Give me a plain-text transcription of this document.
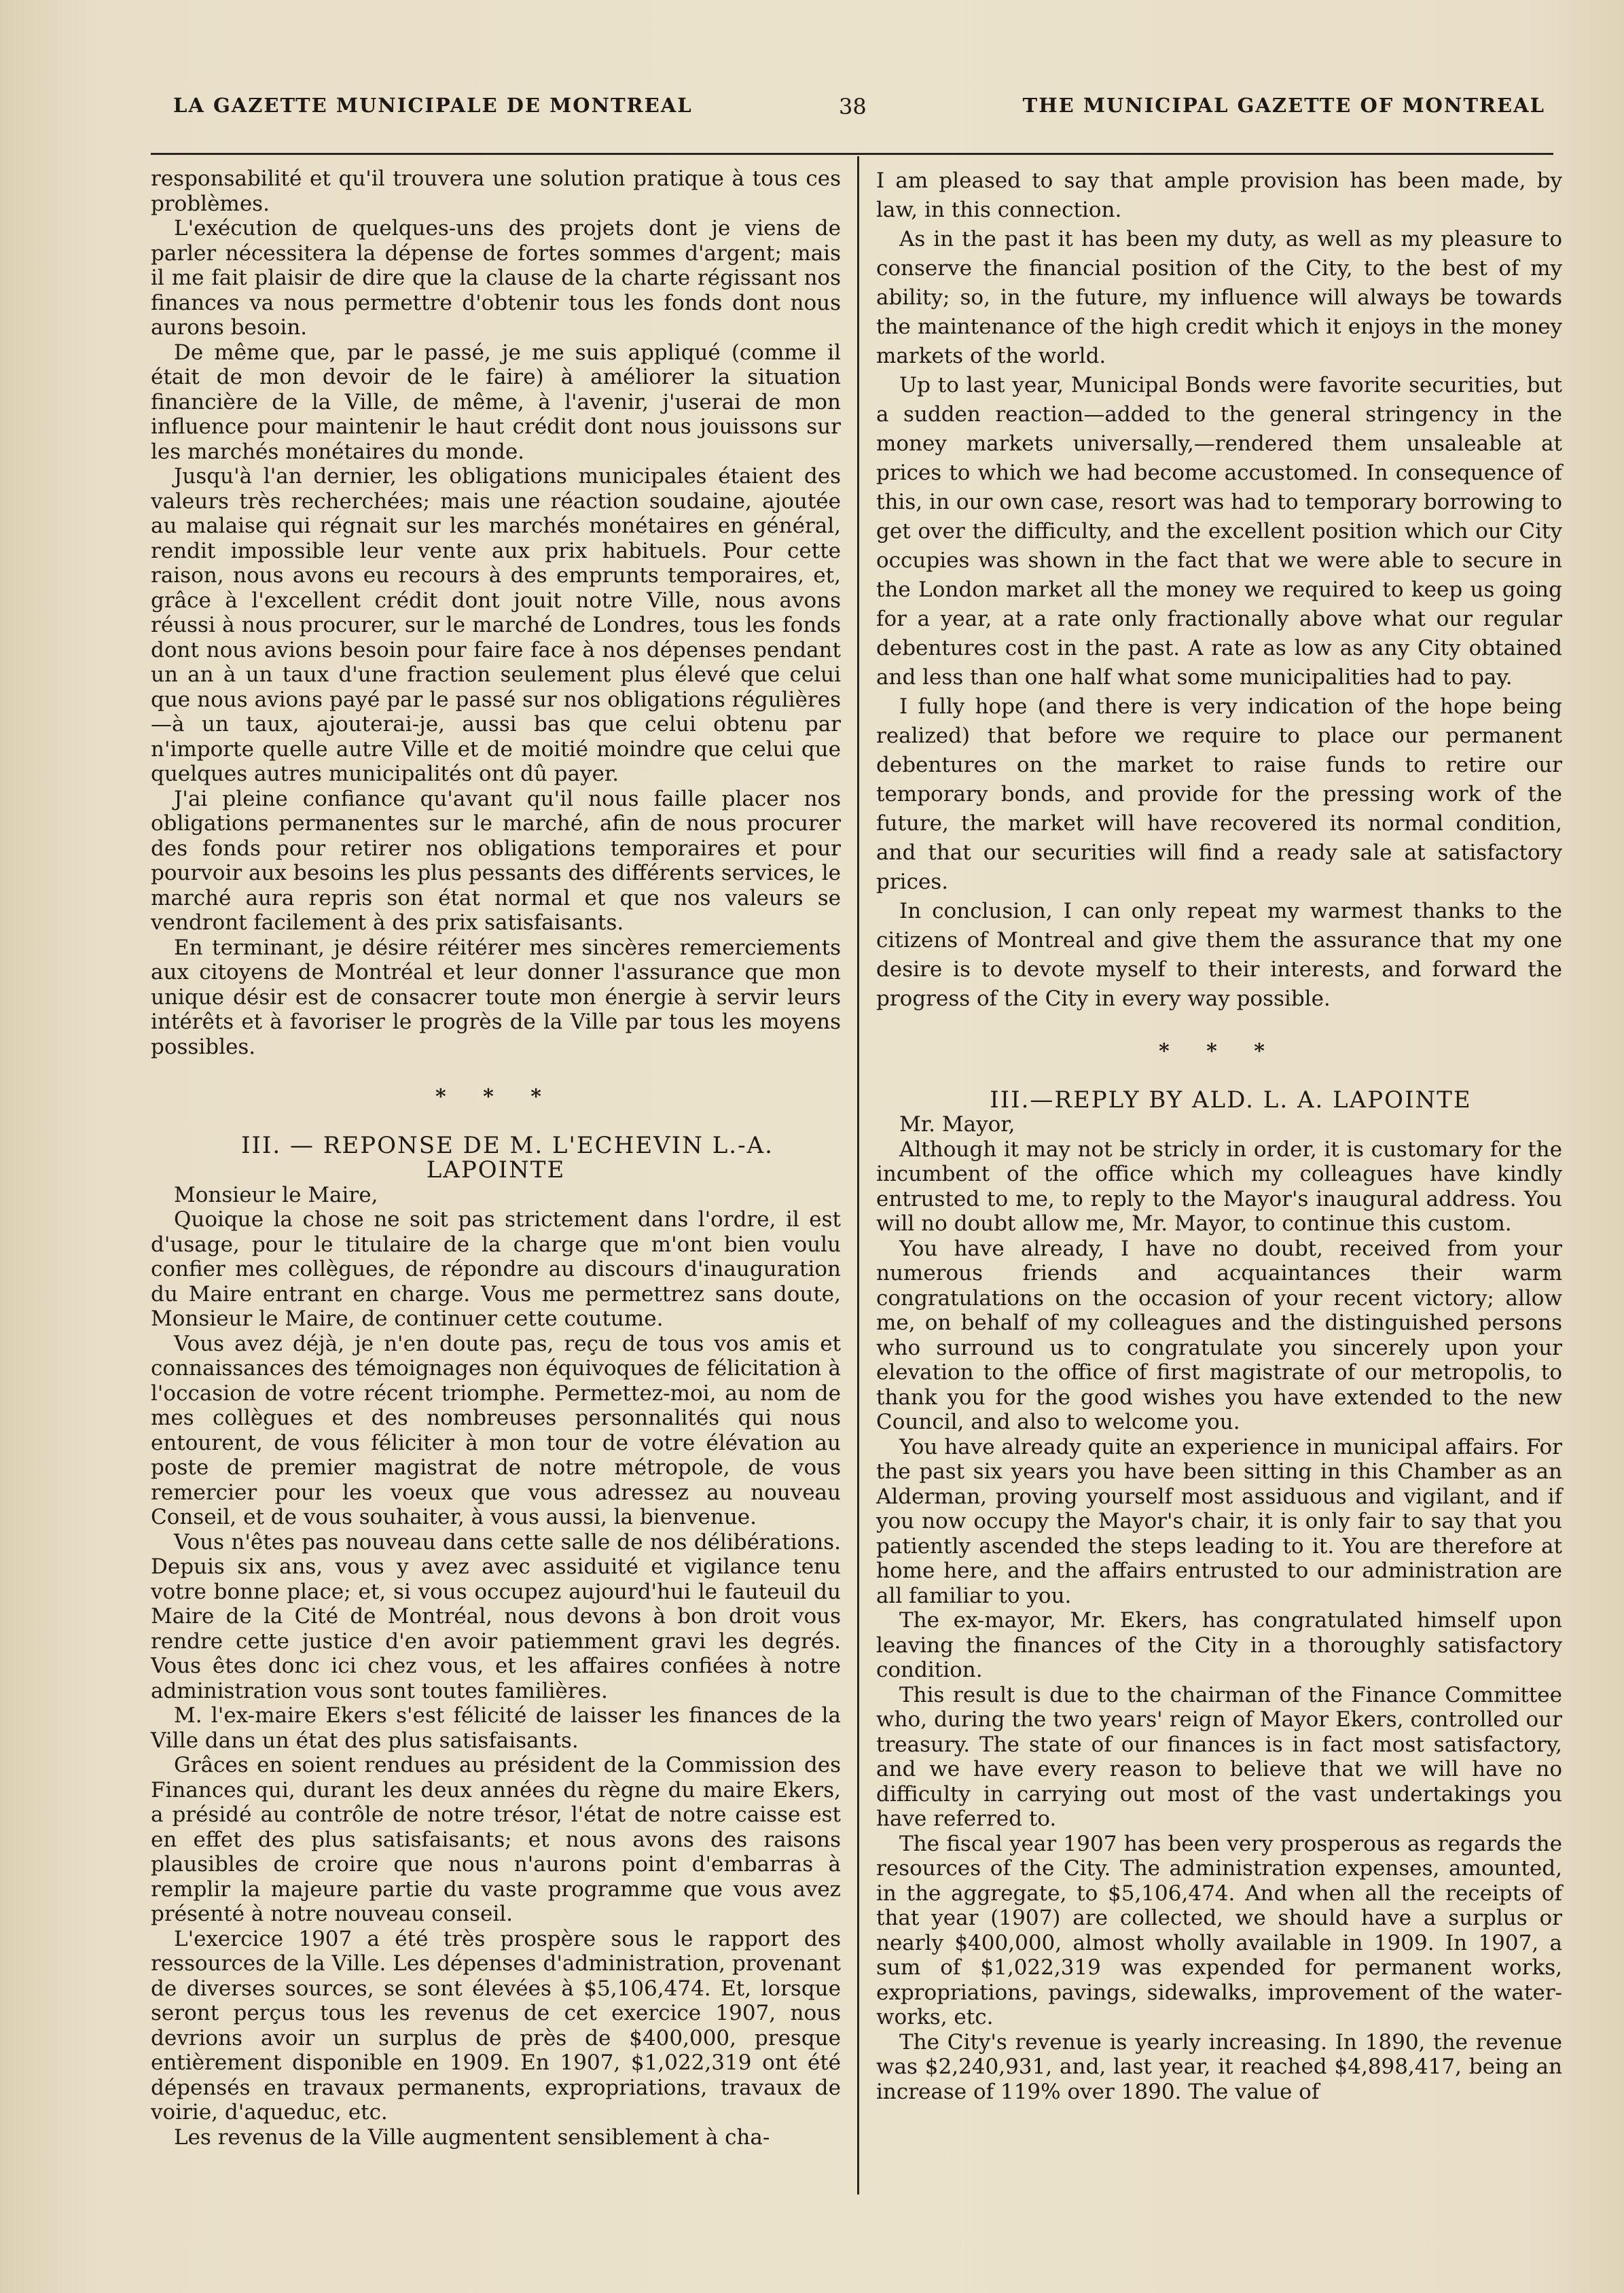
LA GAZETTE MUNICIPALE DE MONTREAL	38	THE MUNICIPAL GAZETTE OF MONTREAL

responsabilité et qu'il trouvera une solution pratique à tous ces problèmes.

L'exécution de quelques-uns des projets dont je viens de parler nécessitera la dépense de fortes sommes d'argent; mais il me fait plaisir de dire que la clause de la charte régissant nos finances va nous permettre d'obtenir tous les fonds dont nous aurons besoin.

De même que, par le passé, je me suis appliqué (comme il était de mon devoir de le faire) à améliorer la situation financière de la Ville, de même, à l'avenir, j'userai de mon influence pour maintenir le haut crédit dont nous jouissons sur les marchés monétaires du monde.

Jusqu'à l'an dernier, les obligations municipales étaient des valeurs très recherchées; mais une réaction soudaine, ajoutée au malaise qui régnait sur les marchés monétaires en général, rendit impossible leur vente aux prix habituels. Pour cette raison, nous avons eu recours à des emprunts temporaires, et, grâce à l'excellent crédit dont jouit notre Ville, nous avons réussi à nous procurer, sur le marché de Londres, tous les fonds dont nous avions besoin pour faire face à nos dépenses pendant un an à un taux d'une fraction seulement plus élevé que celui que nous avions payé par le passé sur nos obligations régulières—à un taux, ajouterai-je, aussi bas que celui obtenu par n'importe quelle autre Ville et de moitié moindre que celui que quelques autres municipalités ont dû payer.

J'ai pleine confiance qu'avant qu'il nous faille placer nos obligations permanentes sur le marché, afin de nous procurer des fonds pour retirer nos obligations temporaires et pour pourvoir aux besoins les plus pessants des différents services, le marché aura repris son état normal et que nos valeurs se vendront facilement à des prix satisfaisants.

En terminant, je désire réitérer mes sincères remerciements aux citoyens de Montréal et leur donner l'assurance que mon unique désir est de consacrer toute mon énergie à servir leurs intérêts et à favoriser le progrès de la Ville par tous les moyens possibles.

* * *

III. — REPONSE DE M. L'ECHEVIN L.-A. LAPOINTE

Monsieur le Maire,

Quoique la chose ne soit pas strictement dans l'ordre, il est d'usage, pour le titulaire de la charge que m'ont bien voulu confier mes collègues, de répondre au discours d'inauguration du Maire entrant en charge. Vous me permettrez sans doute, Monsieur le Maire, de continuer cette coutume.

Vous avez déjà, je n'en doute pas, reçu de tous vos amis et connaissances des témoignages non équivoques de félicitation à l'occasion de votre récent triomphe. Permettez-moi, au nom de mes collègues et des nombreuses personnalités qui nous entourent, de vous féliciter à mon tour de votre élévation au poste de premier magistrat de notre métropole, de vous remercier pour les voeux que vous adressez au nouveau Conseil, et de vous souhaiter, à vous aussi, la bienvenue.

Vous n'êtes pas nouveau dans cette salle de nos délibérations. Depuis six ans, vous y avez avec assiduité et vigilance tenu votre bonne place; et, si vous occupez aujourd'hui le fauteuil du Maire de la Cité de Montréal, nous devons à bon droit vous rendre cette justice d'en avoir patiemment gravi les degrés. Vous êtes donc ici chez vous, et les affaires confiées à notre administration vous sont toutes familières.

M. l'ex-maire Ekers s'est félicité de laisser les finances de la Ville dans un état des plus satisfaisants.

Grâces en soient rendues au président de la Commission des Finances qui, durant les deux années du règne du maire Ekers, a présidé au contrôle de notre trésor, l'état de notre caisse est en effet des plus satisfaisants; et nous avons des raisons plausibles de croire que nous n'aurons point d'embarras à remplir la majeure partie du vaste programme que vous avez présenté à notre nouveau conseil.

L'exercice 1907 a été très prospère sous le rapport des ressources de la Ville. Les dépenses d'administration, provenant de diverses sources, se sont élevées à $5,106,474. Et, lorsque seront perçus tous les revenus de cet exercice 1907, nous devrions avoir un surplus de près de $400,000, presque entièrement disponible en 1909. En 1907, $1,022,319 ont été dépensés en travaux permanents, expropriations, travaux de voirie, d'aqueduc, etc.

Les revenus de la Ville augmentent sensiblement à cha-

I am pleased to say that ample provision has been made, by law, in this connection.

As in the past it has been my duty, as well as my pleasure to conserve the financial position of the City, to the best of my ability; so, in the future, my influence will always be towards the maintenance of the high credit which it enjoys in the money markets of the world.

Up to last year, Municipal Bonds were favorite securities, but a sudden reaction—added to the general stringency in the money markets universally,—rendered them unsaleable at prices to which we had become accustomed. In consequence of this, in our own case, resort was had to temporary borrowing to get over the difficulty, and the excellent position which our City occupies was shown in the fact that we were able to secure in the London market all the money we required to keep us going for a year, at a rate only fractionally above what our regular debentures cost in the past. A rate as low as any City obtained and less than one half what some municipalities had to pay.

I fully hope (and there is very indication of the hope being realized) that before we require to place our permanent debentures on the market to raise funds to retire our temporary bonds, and provide for the pressing work of the future, the market will have recovered its normal condition, and that our securities will find a ready sale at satisfactory prices.

In conclusion, I can only repeat my warmest thanks to the citizens of Montreal and give them the assurance that my one desire is to devote myself to their interests, and forward the progress of the City in every way possible.

* * *

III.—REPLY BY ALD. L. A. LAPOINTE

Mr. Mayor,

Although it may not be stricly in order, it is customary for the incumbent of the office which my colleagues have kindly entrusted to me, to reply to the Mayor's inaugural address. You will no doubt allow me, Mr. Mayor, to continue this custom.

You have already, I have no doubt, received from your numerous friends and acquaintances their warm congratulations on the occasion of your recent victory; allow me, on behalf of my colleagues and the distinguished persons who surround us to congratulate you sincerely upon your elevation to the office of first magistrate of our metropolis, to thank you for the good wishes you have extended to the new Council, and also to welcome you.

You have already quite an experience in municipal affairs. For the past six years you have been sitting in this Chamber as an Alderman, proving yourself most assiduous and vigilant, and if you now occupy the Mayor's chair, it is only fair to say that you patiently ascended the steps leading to it. You are therefore at home here, and the affairs entrusted to our administration are all familiar to you.

The ex-mayor, Mr. Ekers, has congratulated himself upon leaving the finances of the City in a thoroughly satisfactory condition.

This result is due to the chairman of the Finance Committee who, during the two years' reign of Mayor Ekers, controlled our treasury. The state of our finances is in fact most satisfactory, and we have every reason to believe that we will have no difficulty in carrying out most of the vast undertakings you have referred to.

The fiscal year 1907 has been very prosperous as regards the resources of the City. The administration expenses, amounted, in the aggregate, to $5,106,474. And when all the receipts of that year (1907) are collected, we should have a surplus or nearly $400,000, almost wholly available in 1909. In 1907, a sum of $1,022,319 was expended for permanent works, expropriations, pavings, sidewalks, improvement of the water-works, etc.

The City's revenue is yearly increasing. In 1890, the revenue was $2,240,931, and, last year, it reached $4,898,417, being an increase of 119% over 1890. The value of
